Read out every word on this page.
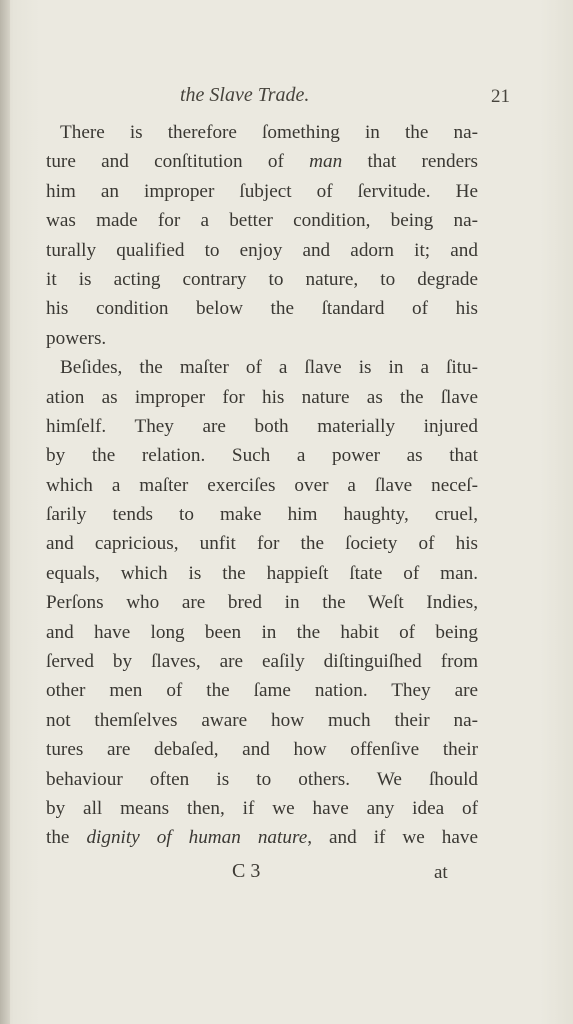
the Slave Trade.	21
There is therefore ſomething in the na-
ture and conſtitution of man that renders
him an improper ſubject of ſervitude. He
was made for a better condition, being na-
turally qualified to enjoy and adorn it; and
it is acting contrary to nature, to degrade
his condition below the ſtandard of his
powers.
Beſides, the maſter of a ſlave is in a ſitu-
ation as improper for his nature as the ſlave
himſelf. They are both materially injured
by the relation. Such a power as that
which a maſter exerciſes over a ſlave neceſ-
ſarily tends to make him haughty, cruel,
and capricious, unfit for the ſociety of his
equals, which is the happieſt ſtate of man.
Perſons who are bred in the Weſt Indies,
and have long been in the habit of being
ſerved by ſlaves, are eaſily diſtinguiſhed from
other men of the ſame nation. They are
not themſelves aware how much their na-
tures are debaſed, and how offenſive their
behaviour often is to others. We ſhould
by all means then, if we have any idea of
the dignity of human nature, and if we have
C 3	at
